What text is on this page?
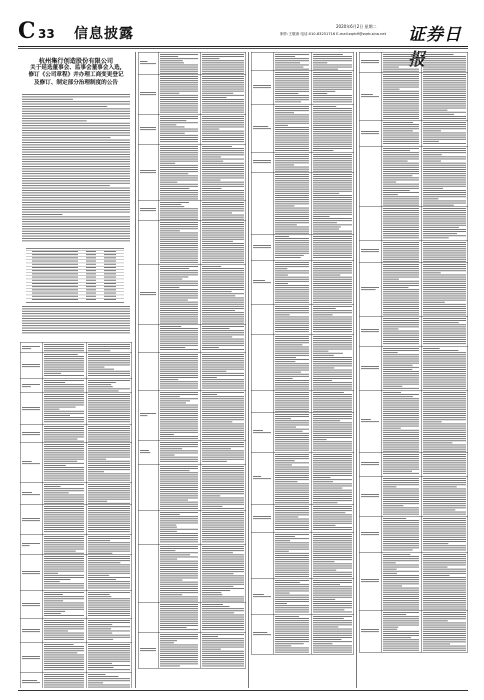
C 33 信息披露	2020年6月2日 星期二
制作:王敬涛 电话:010-83251716 E-mail:zqrb9@zqrb.sina.net 证券日报
杭州集行创造股份有限公司
关于延选董事会、监事会董事会入选,
修订《公司章程》并办理工商变更登记
及修订、制定部分治理制度的公告
